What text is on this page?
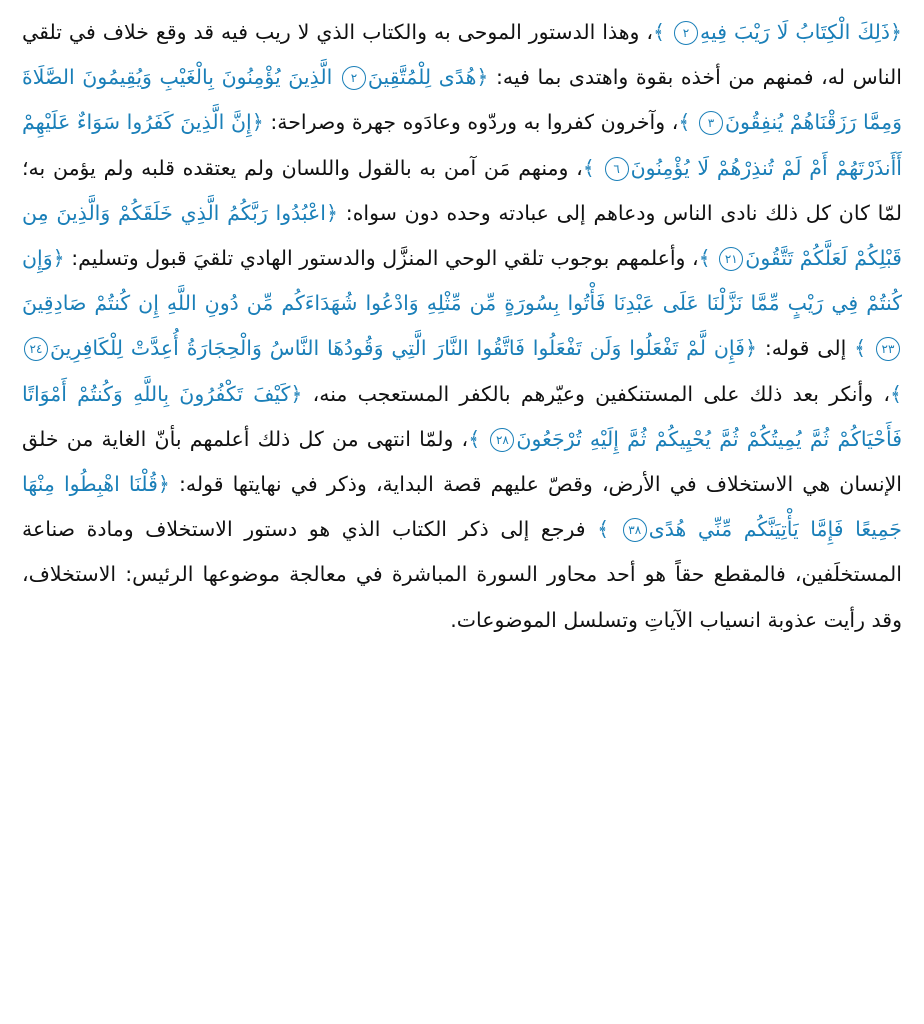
﴿ذَلِكَ الْكِتَابُ لَا رَيْبَ فِيهِ٢ ﴾، وهذا الدستور الموحى به والكتاب الذي لا ريب فيه قد وقع خلاف في تلقي الناس له، فمنهم من أخذه بقوة واهتدى بما فيه: ﴿هُدًى لِلْمُتَّقِينَ٢ الَّذِينَ يُؤْمِنُونَ بِالْغَيْبِ وَيُقِيمُونَ الصَّلَاةَ وَمِمَّا رَزَقْنَاهُمْ يُنفِقُونَ٣ ﴾، وآخرون كفروا به وردّوه وعادَوه جهرة وصراحة: ﴿إِنَّ الَّذِينَ كَفَرُوا سَوَاءٌ عَلَيْهِمْ أَأَنذَرْتَهُمْ أَمْ لَمْ تُنذِرْهُمْ لَا يُؤْمِنُونَ٦ ﴾، ومنهم مَن آمن به بالقول واللسان ولم يعتقده قلبه ولم يؤمن به؛ لمّا كان كل ذلك نادى الناس ودعاهم إلى عبادته وحده دون سواه: ﴿اعْبُدُوا رَبَّكُمُ الَّذِي خَلَقَكُمْ وَالَّذِينَ مِن قَبْلِكُمْ لَعَلَّكُمْ تَتَّقُونَ٢١ ﴾، وأعلمهم بوجوب تلقي الوحي المنزَّل والدستور الهادي تلقيَ قبول وتسليم: ﴿وَإِن كُنتُمْ فِي رَيْبٍ مِّمَّا نَزَّلْنَا عَلَى عَبْدِنَا فَأْتُوا بِسُورَةٍ مِّن مِّثْلِهِ وَادْعُوا شُهَدَاءَكُم مِّن دُونِ اللَّهِ إِن كُنتُمْ صَادِقِينَ٢٣ ﴾ إلى قوله: ﴿فَإِن لَّمْ تَفْعَلُوا وَلَن تَفْعَلُوا فَاتَّقُوا النَّارَ الَّتِي وَقُودُهَا النَّاسُ وَالْحِجَارَةُ أُعِدَّتْ لِلْكَافِرِينَ٢٤ ﴾، وأنكر بعد ذلك على المستنكفين وعيّرهم بالكفر المستعجب منه، ﴿كَيْفَ تَكْفُرُونَ بِاللَّهِ وَكُنتُمْ أَمْوَاتًا فَأَحْيَاكُمْ ثُمَّ يُمِيتُكُمْ ثُمَّ يُحْيِيكُمْ ثُمَّ إِلَيْهِ تُرْجَعُونَ٢٨ ﴾، ولمّا انتهى من كل ذلك أعلمهم بأنّ الغاية من خلق الإنسان هي الاستخلاف في الأرض، وقصّ عليهم قصة البداية، وذكر في نهايتها قوله: ﴿قُلْنَا اهْبِطُوا مِنْهَا جَمِيعًا فَإِمَّا يَأْتِيَنَّكُم مِّنِّي هُدًى٣٨ ﴾ فرجع إلى ذكر الكتاب الذي هو دستور الاستخلاف ومادة صناعة المستخلَفين، فالمقطع حقاً هو أحد محاور السورة المباشرة في معالجة موضوعها الرئيس: الاستخلاف، وقد رأيت عذوبة انسياب الآياتِ وتسلسل الموضوعات.
